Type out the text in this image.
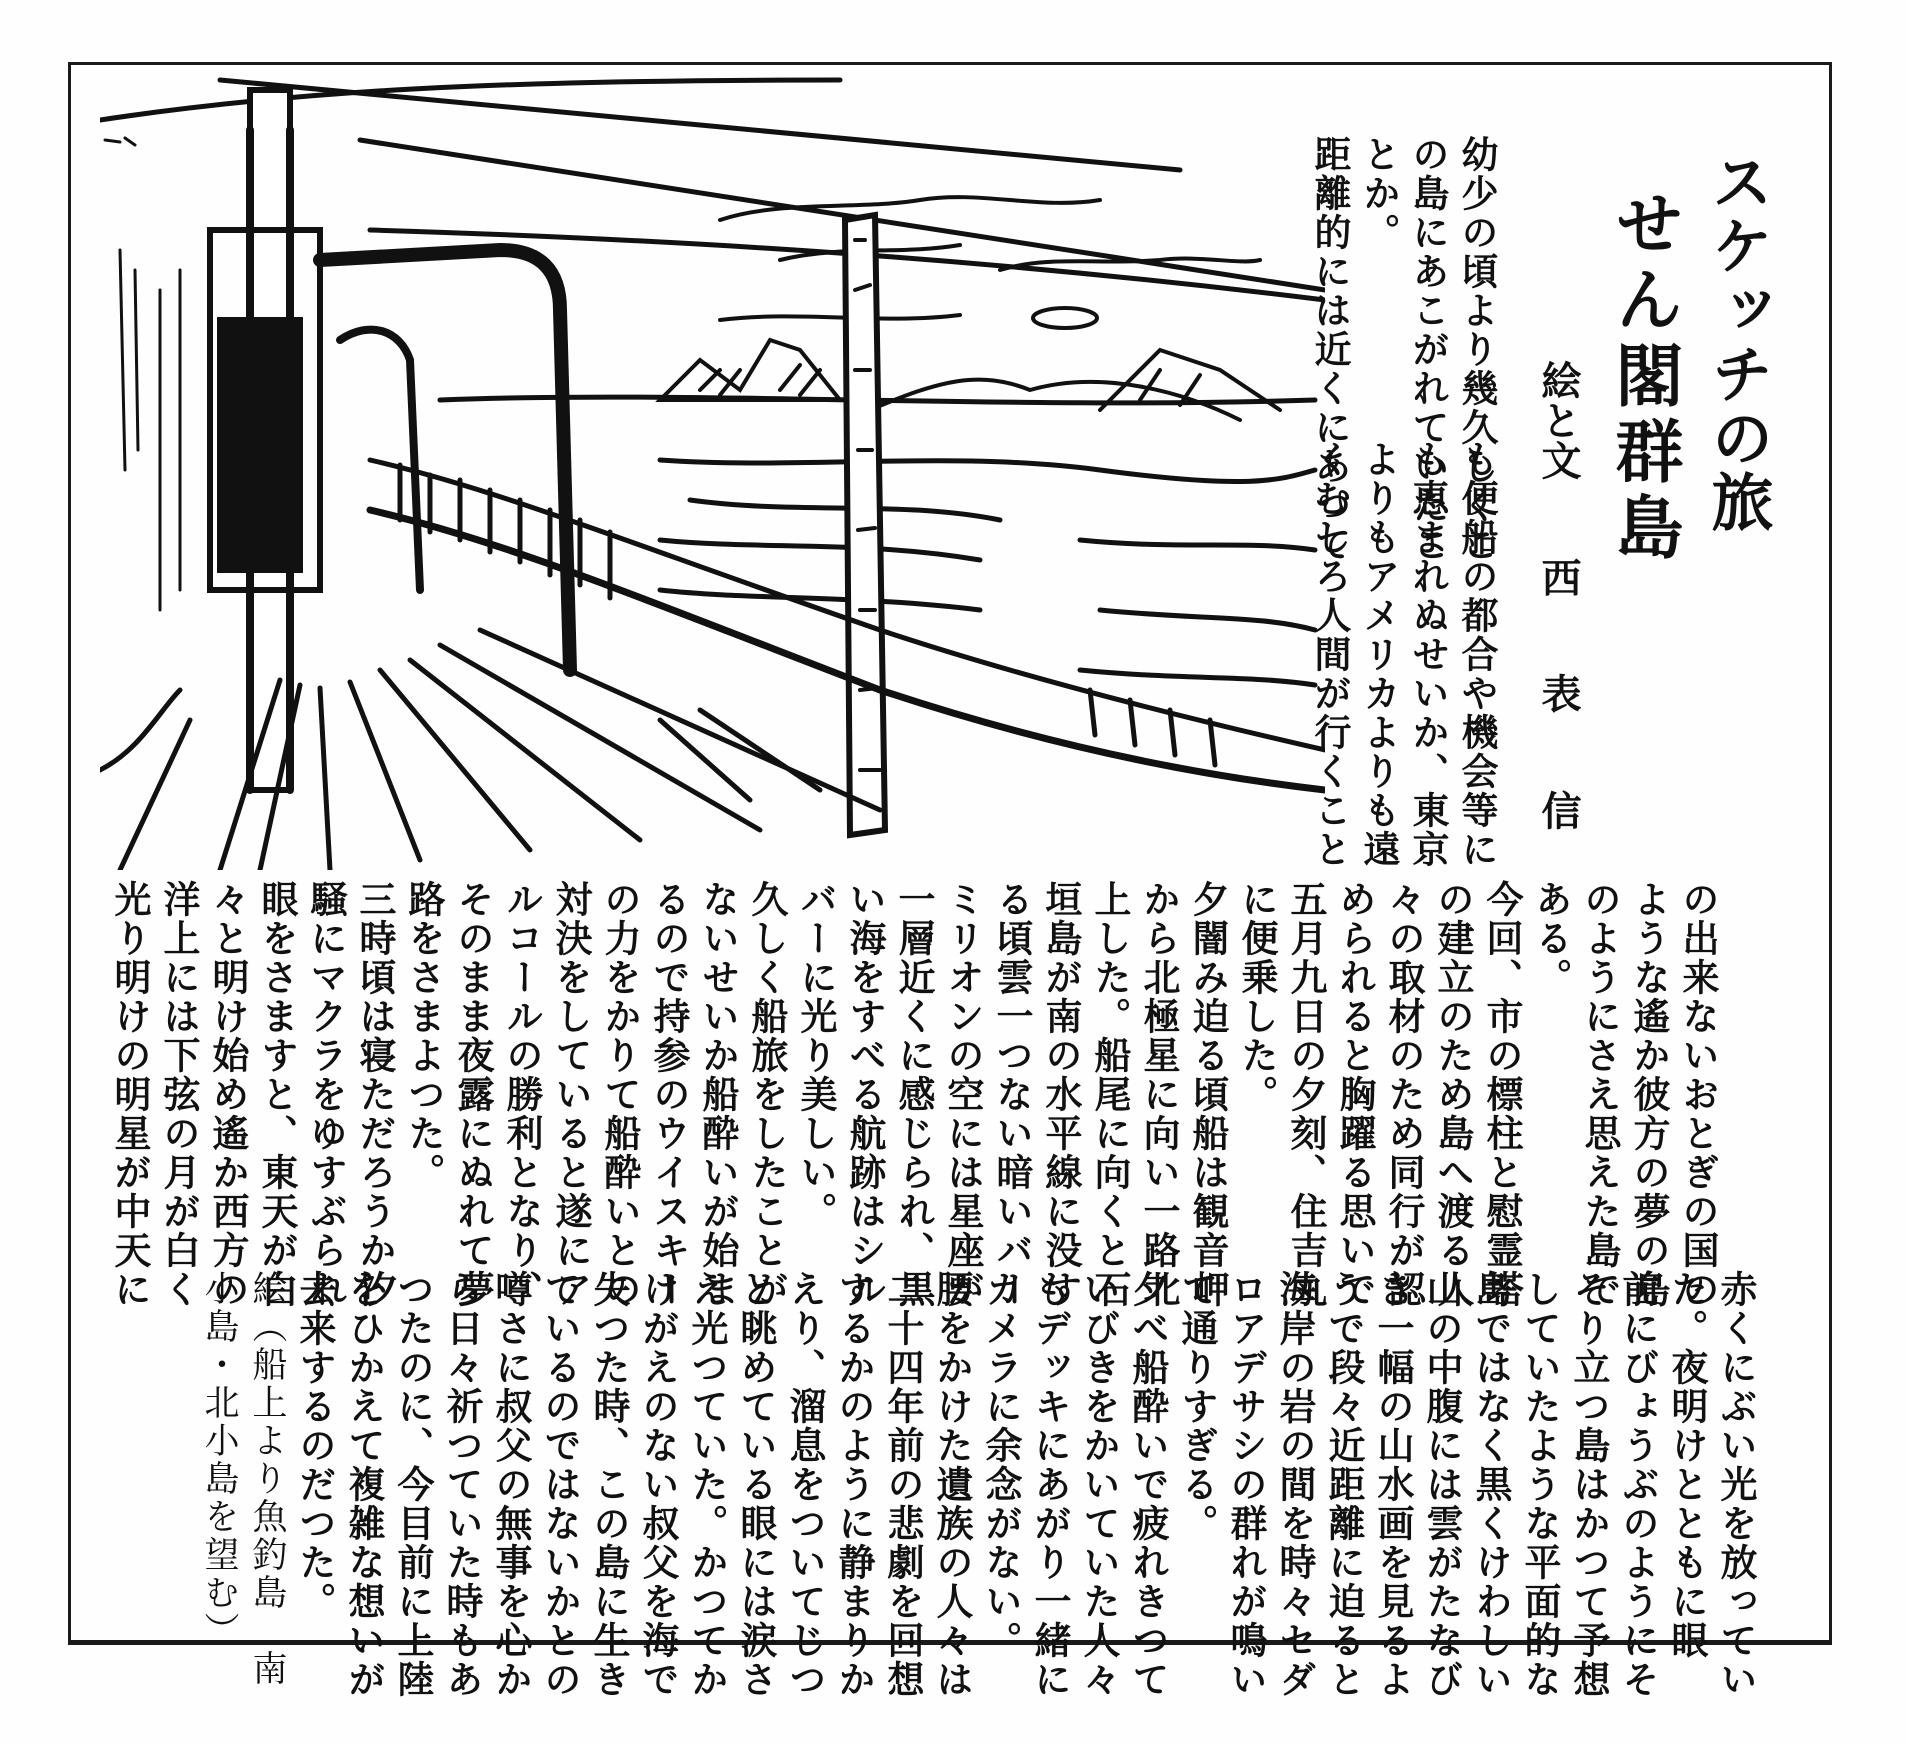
スケッチの旅
せん閣群島
絵と文
西
表
信
幼少の頃より幾久しくこ
の島にあこがれていたこ
とか。
距離的には近くにあつて
も便船の都合や機会等に
も恵まれぬせいか、東京
よりもアメリカよりも遠
くむしろ人間が行くこと
の出来ないおとぎの国の
ような遙か彼方の夢の島
のようにさえ思えた島で
ある。
今回、市の標柱と慰霊塔
の建立のため島へ渡る人
々の取材のため同行が認
められると胸躍る思いで
五月九日の夕刻、住吉丸
に便乗した。
夕闇み迫る頃船は観音岬
から北極星に向い一路北
上した。船尾に向くと石
垣島が南の水平線に没す
る頃雲一つない暗いバー
ミリオンの空には星座が
一層近くに感じられ、黒
い海をすべる航跡はシル
バーに光り美しい。
久しく船旅をしたことが
ないせいか船酔いが始ま
るので持参のウイスキー
の力をかりて船酔いとの
対決をしていると遂にア
ルコールの勝利となり、
そのまま夜露にぬれて夢
路をさまよつた。
三時頃は寝ただろうか汐
騒にマクラをゆすぶられ
眼をさますと、東天が白
々と明け始め遙か西方の
洋上には下弦の月が白く
光り明けの明星が中天に
赤くにぶい光を放ってい
た。夜明けとともに眼
前にびょうぶのようにそ
そり立つ島はかつて予想
していたような平面的な
島ではなく黒くけわしい
山の中腹には雲がたなび
き一幅の山水画を見るよ
うで段々近距離に迫ると
海岸の岩の間を時々セダ
ロアデサシの群れが鳴い
て通りすぎる。
夕べ船酔いで疲れきつて
いびきをかいていた人々
もデッキにあがり一緒に
カメラに余念がない。
腰をかけた遺族の人々は
二十四年前の悲劇を回想
するかのように静まりか
えり、溜息をついてじつ
と眺めている眼には涙さ
え光つていた。かつてか
けがえのない叔父を海で
失つた時、この島に生き
ているのではないかとの
噂さに叔父の無事を心か
ら日々祈つていた時もあ
つたのに、今目前に上陸
をひかえて複雑な想いが
去来するのだつた。
絵（船上より魚釣島　南
小島・北小島を望む）
